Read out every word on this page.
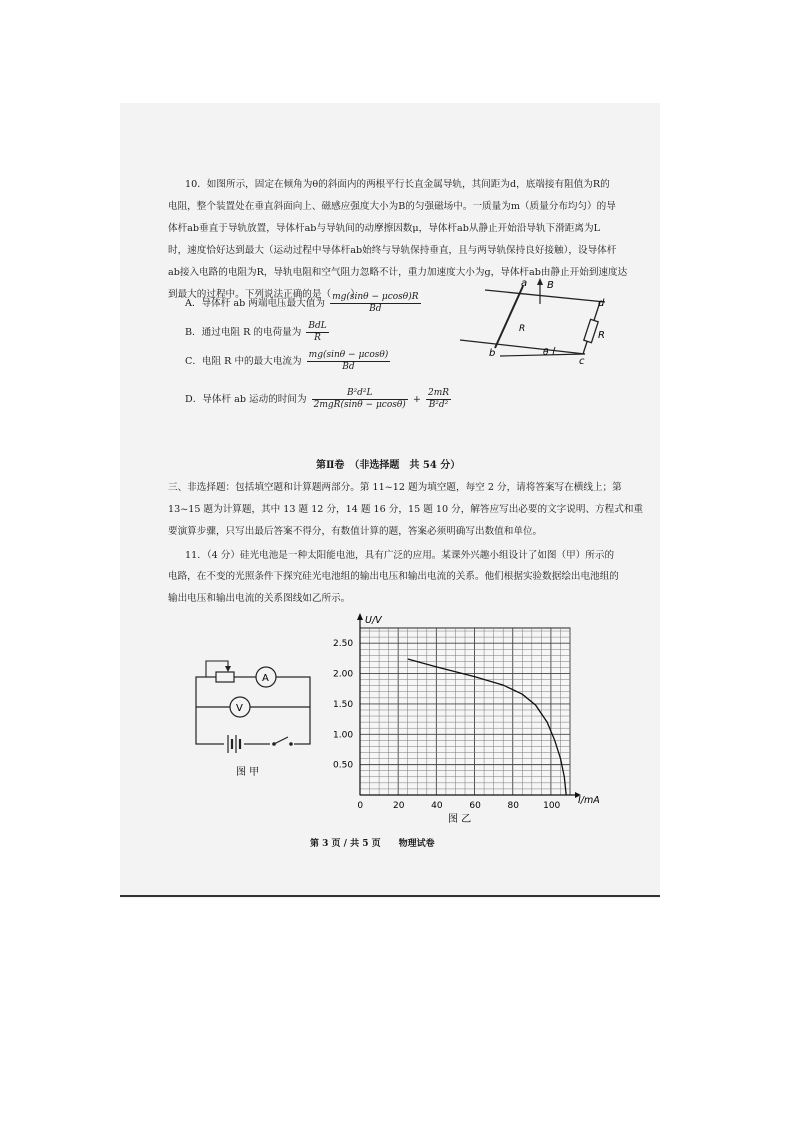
10．如图所示，固定在倾角为θ的斜面内的两根平行长直金属导轨，其间距为d，底端接有阻值为R的
电阻，整个装置处在垂直斜面向上、磁感应强度大小为B的匀强磁场中。一质量为m（质量分布均匀）的导
体杆ab垂直于导轨放置，导体杆ab与导轨间的动摩擦因数μ，导体杆ab从静止开始沿导轨下滑距离为L
时，速度恰好达到最大（运动过程中导体杆ab始终与导轨保持垂直，且与两导轨保持良好接触），设导体杆
ab接入电路的电阻为R，导轨电阻和空气阻力忽略不计，重力加速度大小为g，导体杆ab由静止开始到速度达
到最大的过程中。下列说法正确的是（　　）
A．导体杆 ab 两端电压最大值为 $\frac{mg(\sin\theta - \mu\cos\theta)R}{Bd}$
B．通过电阻 R 的电荷量为 $\frac{\text{BdL}}{R}$
C．电阻 R 中的最大电流为 $\frac{mg(\sin\theta - \mu\cos\theta)}{Bd}$
D．导体杆 ab 运动的时间为 $\frac{\text{B²d²L}}{\text{2mgR(sinθ − μcosθ)}} + \frac{2mR}{\text{B²d²}}$
a B
d
R
R
b	θ
c
第Ⅱ卷　（非选择题　共 54 分）
三、非选择题：包括填空题和计算题两部分。第 11~12 题为填空题，每空 2 分，请将答案写在横线上；第
13~15 题为计算题，其中 13 题 12 分，14 题 16 分，15 题 10 分，解答应写出必要的文字说明、方程式和重
要演算步骤，只写出最后答案不得分，有数值计算的题，答案必须明确写出数值和单位。
11．（4 分）硅光电池是一种太阳能电池，具有广泛的应用。某课外兴趣小组设计了如图（甲）所示的
电路，在不变的光照条件下探究硅光电池组的输出电压和输出电流的关系。他们根据实验数据绘出电池组的
输出电压和输出电流的关系图线如乙所示。
A
V
图 甲
0	20	40	60	80	100
0.50
1.00
1.50
2.00
2.50
U/V
I/mA
图 乙
第 3 页 / 共 5 页　　物理试卷
